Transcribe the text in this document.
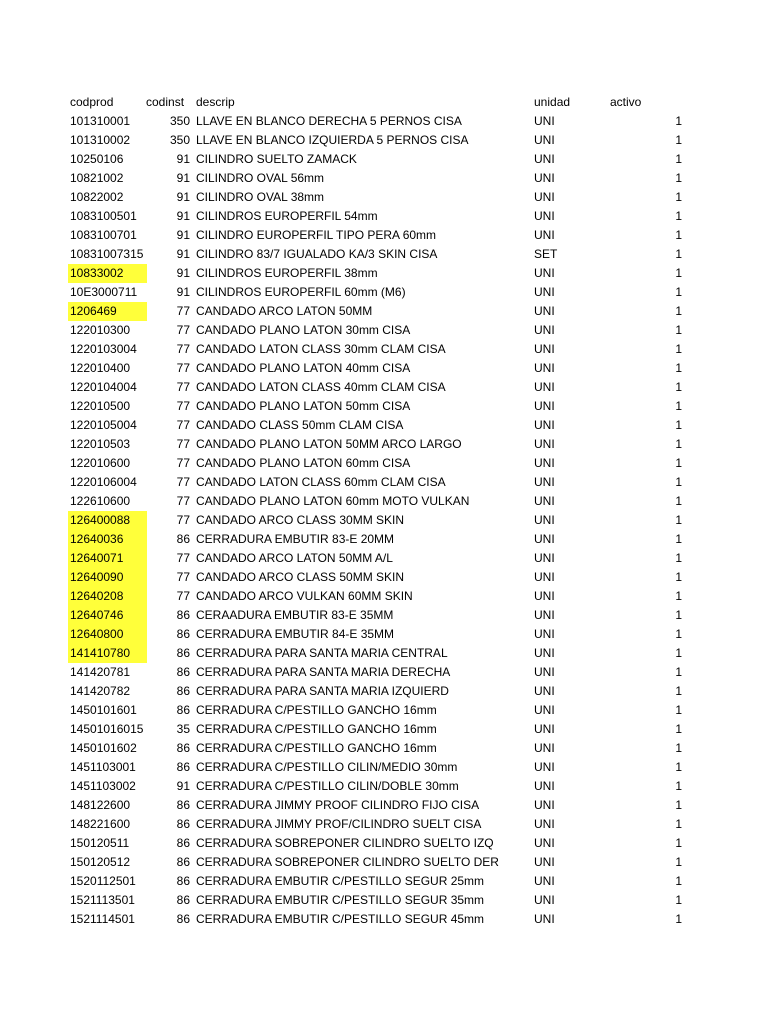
codprod	codinst descrip	unidad	activo
101310001	350 LLAVE EN BLANCO DERECHA 5 PERNOS CISA	UNI	1
101310002	350 LLAVE EN BLANCO IZQUIERDA 5 PERNOS CISA	UNI	1
10250106	91 CILINDRO SUELTO ZAMACK	UNI	1
10821002	91 CILINDRO OVAL 56mm	UNI	1
10822002	91 CILINDRO OVAL 38mm	UNI	1
1083100501	91 CILINDROS EUROPERFIL 54mm	UNI	1
1083100701	91 CILINDRO EUROPERFIL TIPO PERA 60mm	UNI	1
10831007315	91 CILINDRO 83/7 IGUALADO KA/3 SKIN CISA	SET	1
10833002	91 CILINDROS EUROPERFIL 38mm	UNI	1
10E3000711	91 CILINDROS EUROPERFIL 60mm (M6)	UNI	1
1206469	77 CANDADO ARCO LATON 50MM	UNI	1
122010300	77 CANDADO PLANO LATON 30mm CISA	UNI	1
1220103004	77 CANDADO LATON CLASS 30mm CLAM CISA	UNI	1
122010400	77 CANDADO PLANO LATON 40mm CISA	UNI	1
1220104004	77 CANDADO LATON CLASS 40mm CLAM CISA	UNI	1
122010500	77 CANDADO PLANO LATON 50mm CISA	UNI	1
1220105004	77 CANDADO CLASS 50mm CLAM CISA	UNI	1
122010503	77 CANDADO PLANO LATON 50MM ARCO LARGO	UNI	1
122010600	77 CANDADO PLANO LATON 60mm CISA	UNI	1
1220106004	77 CANDADO LATON CLASS 60mm CLAM CISA	UNI	1
122610600	77 CANDADO PLANO LATON 60mm MOTO VULKAN	UNI	1
126400088	77 CANDADO ARCO CLASS 30MM SKIN	UNI	1
12640036	86 CERRADURA EMBUTIR 83-E 20MM	UNI	1
12640071	77 CANDADO ARCO LATON 50MM A/L	UNI	1
12640090	77 CANDADO ARCO CLASS 50MM SKIN	UNI	1
12640208	77 CANDADO ARCO VULKAN 60MM SKIN	UNI	1
12640746	86 CERAADURA EMBUTIR 83-E 35MM	UNI	1
12640800	86 CERRADURA EMBUTIR 84-E 35MM	UNI	1
141410780	86 CERRADURA PARA SANTA MARIA CENTRAL	UNI	1
141420781	86 CERRADURA PARA SANTA MARIA DERECHA	UNI	1
141420782	86 CERRADURA PARA SANTA MARIA IZQUIERD	UNI	1
1450101601	86 CERRADURA C/PESTILLO GANCHO 16mm	UNI	1
14501016015	35 CERRADURA C/PESTILLO GANCHO 16mm	UNI	1
1450101602	86 CERRADURA C/PESTILLO GANCHO 16mm	UNI	1
1451103001	86 CERRADURA C/PESTILLO CILIN/MEDIO 30mm	UNI	1
1451103002	91 CERRADURA C/PESTILLO CILIN/DOBLE 30mm	UNI	1
148122600	86 CERRADURA JIMMY PROOF CILINDRO FIJO CISA	UNI	1
148221600	86 CERRADURA JIMMY PROF/CILINDRO SUELT CISA	UNI	1
150120511	86 CERRADURA SOBREPONER CILINDRO SUELTO IZQ	UNI	1
150120512	86 CERRADURA SOBREPONER CILINDRO SUELTO DER	UNI	1
1520112501	86 CERRADURA EMBUTIR C/PESTILLO SEGUR 25mm	UNI	1
1521113501	86 CERRADURA EMBUTIR C/PESTILLO SEGUR 35mm	UNI	1
1521114501	86 CERRADURA EMBUTIR C/PESTILLO SEGUR 45mm	UNI	1
